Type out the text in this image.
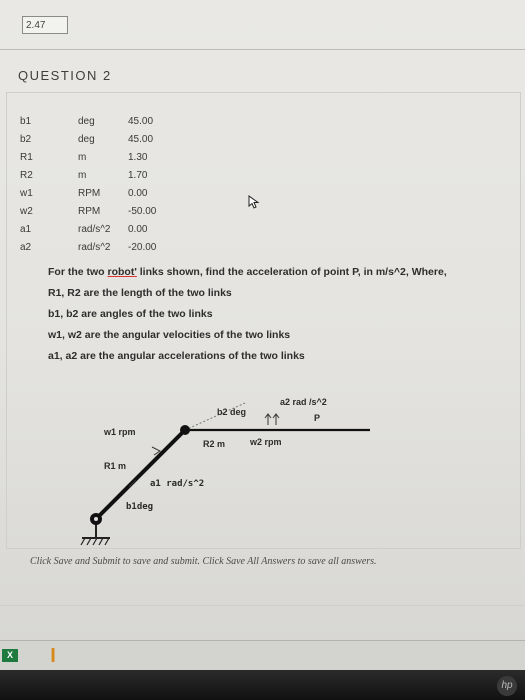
2.47
QUESTION 2
b1	deg	45.00
b2	deg	45.00
R1	m	1.30
R2	m	1.70
w1	RPM	0.00
w2	RPM	-50.00
a1	rad/s^2	0.00
a2	rad/s^2	-20.00

For the two robot' links shown, find the acceleration of point P, in m/s^2, Where,

R1, R2 are the length of the two links

b1, b2 are angles of the two links

w1, w2 are the angular velocities of the two links

a1, a2 are the angular accelerations of the two links

a2 rad /s^2
b2 deg
P
w1 rpm
R2 m	w2 rpm
R1 m
a1 rad/s^2
b1deg
Click Save and Submit to save and submit. Click Save All Answers to save all answers.
X	I
hp
